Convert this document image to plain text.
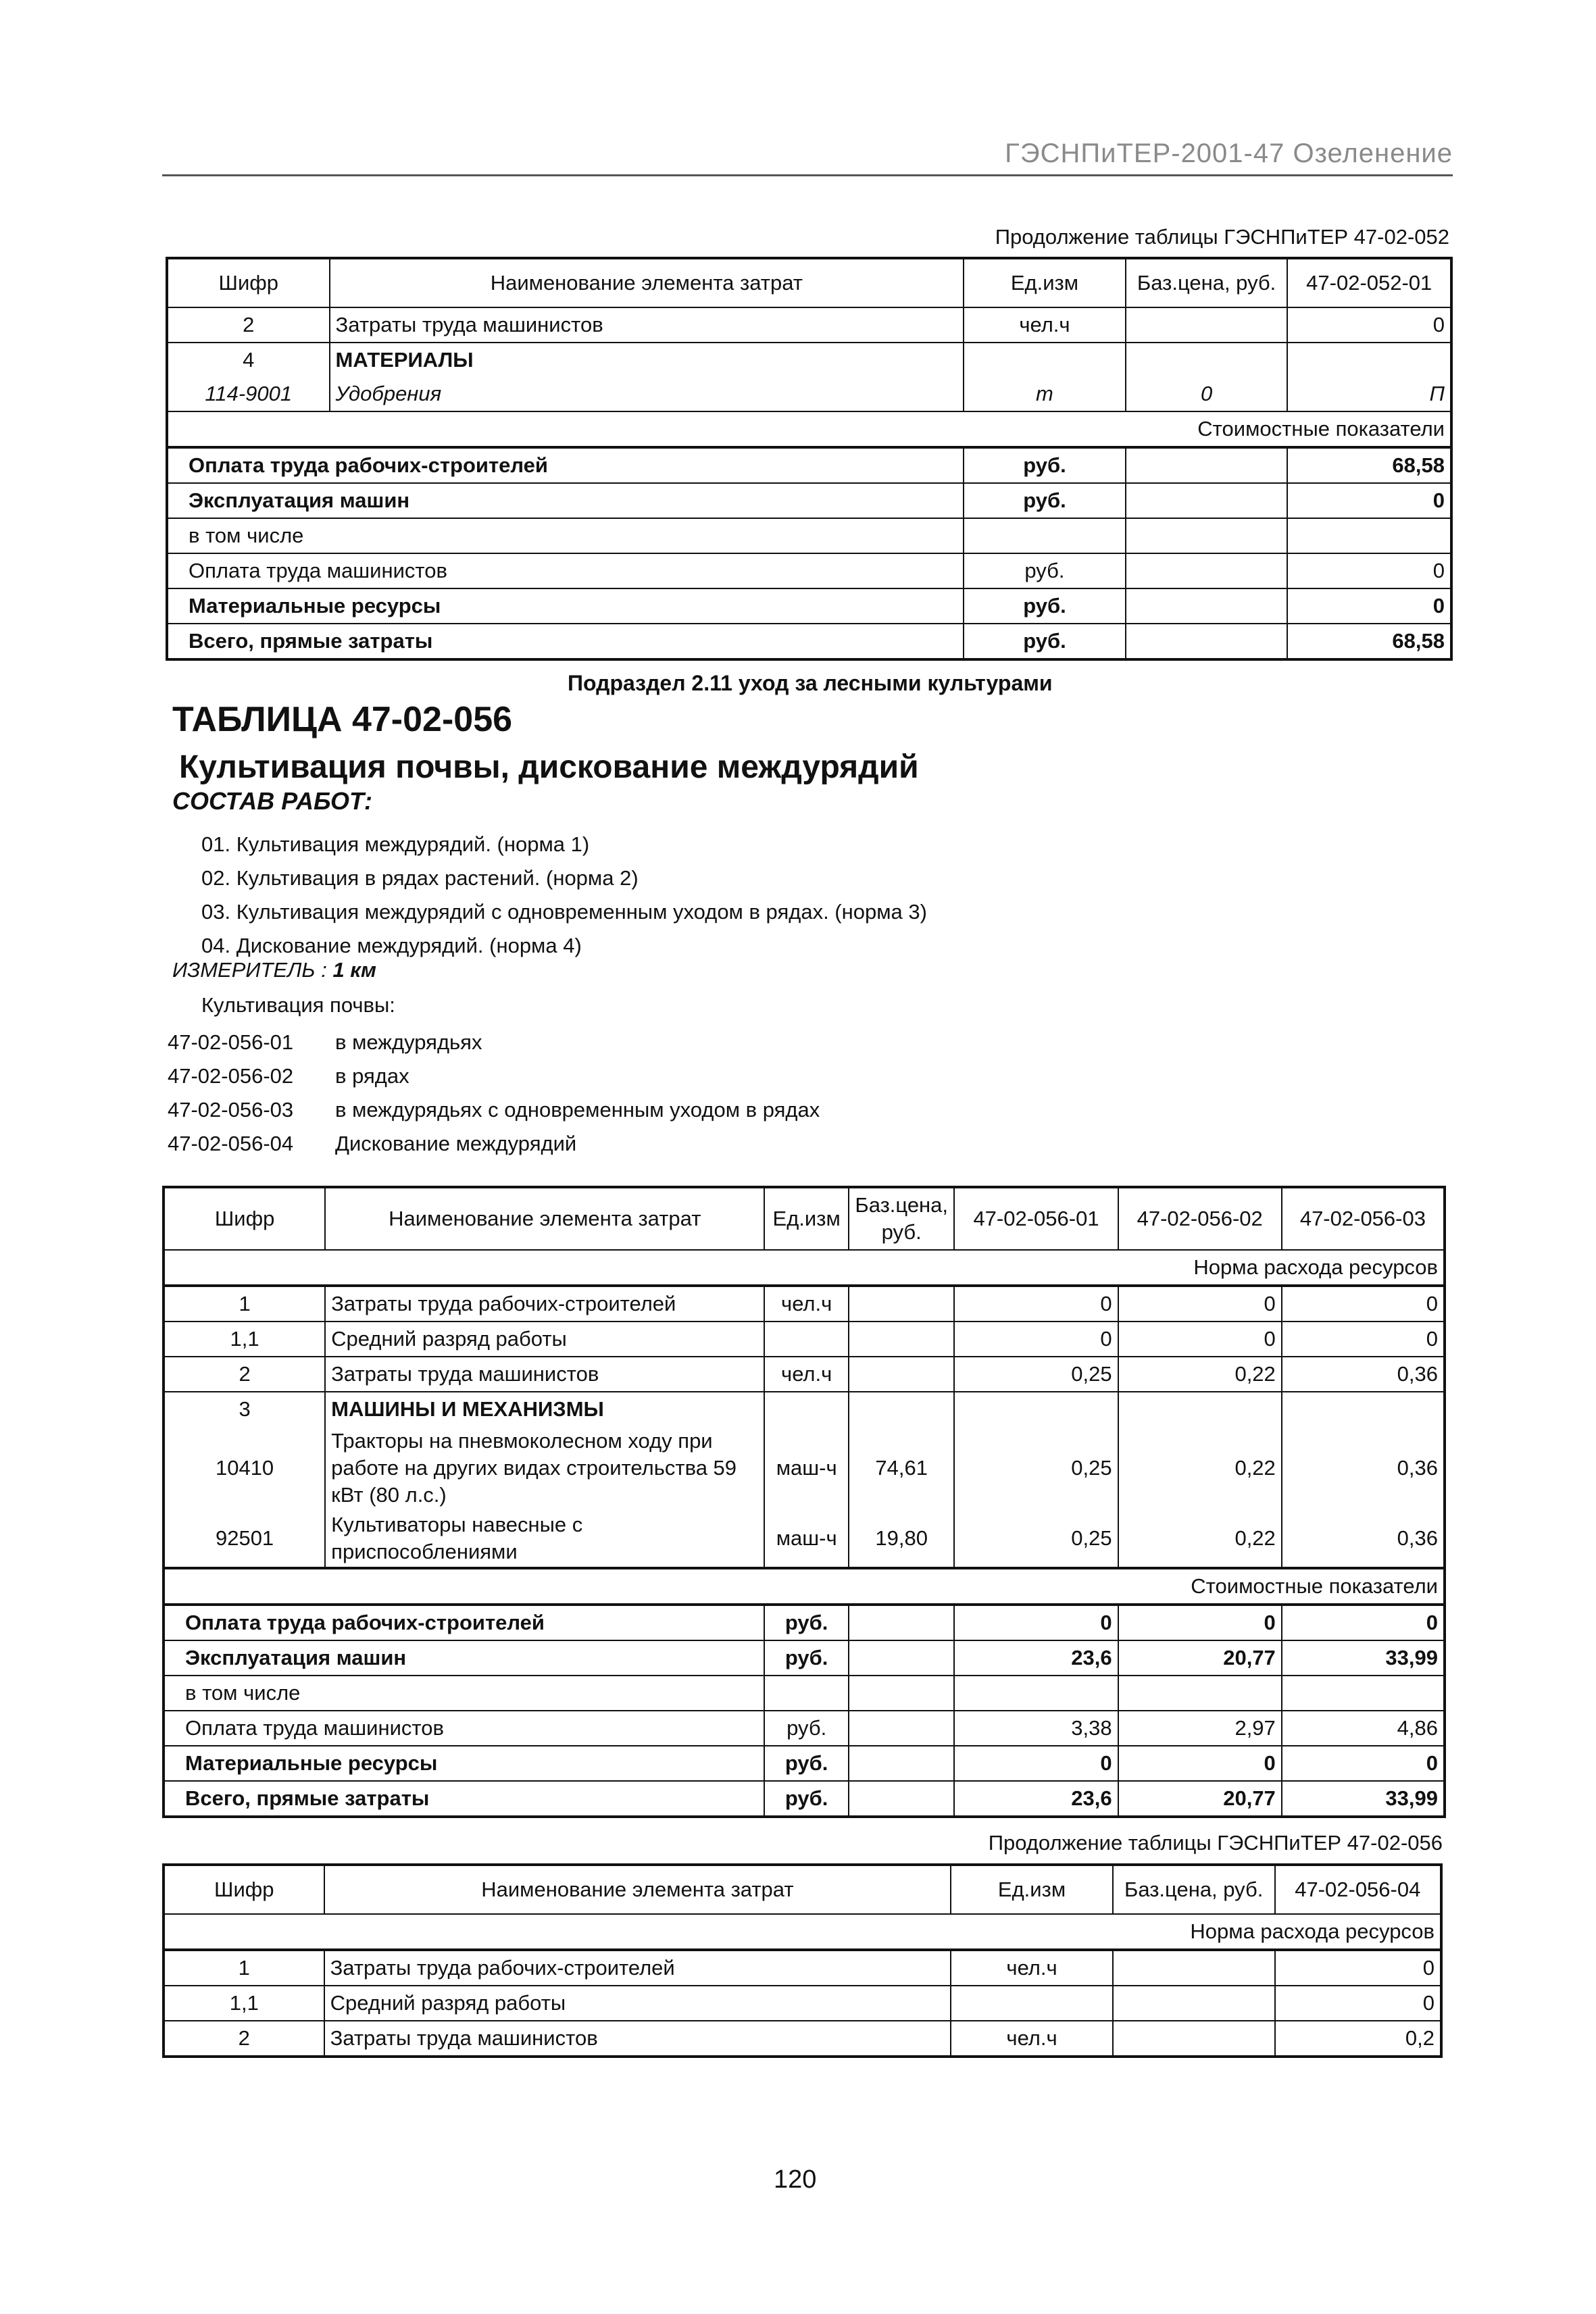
ГЭСНПиТЕР-2001-47 Озеленение
Продолжение таблицы ГЭСНПиТЕР 47-02-052
Шифр	Наименование элемента затрат	Ед.изм	Баз.цена, руб.	47-02-052-01
2	Затраты труда машинистов	чел.ч		0
4	МАТЕРИАЛЫ			
114-9001	Удобрения	т	0	П
Стоимостные показатели				
Оплата труда рабочих-строителей		руб.		68,58
Эксплуатация машин		руб.		0
в том числе				
Оплата труда машинистов		руб.		0
Материальные ресурсы		руб.		0
Всего, прямые затраты		руб.		68,58
Подраздел 2.11 уход за лесными культурами
ТАБЛИЦА 47-02-056
Культивация почвы, дискование междурядий
СОСТАВ РАБОТ:
01. Культивация междурядий. (норма 1)
02. Культивация в рядах растений. (норма 2)
03. Культивация междурядий с одновременным уходом в рядах. (норма 3)
04. Дискование междурядий. (норма 4)
ИЗМЕРИТЕЛЬ : 1 км
Культивация почвы:
47-02-056-01	в междурядьях
47-02-056-02	в рядах
47-02-056-03	в междурядьях с одновременным уходом в рядах
47-02-056-04	Дискование междурядий
Шифр	Наименование элемента затрат	Ед.изм	Баз.цена, руб.	47-02-056-01	47-02-056-02	47-02-056-03
Норма расхода ресурсов						
1	Затраты труда рабочих-строителей	чел.ч		0	0	0
1,1	Средний разряд работы			0	0	0
2	Затраты труда машинистов	чел.ч		0,25	0,22	0,36
3	МАШИНЫ И МЕХАНИЗМЫ					
10410	Тракторы на пневмоколесном ходу при работе на других видах строительства 59 кВт (80 л.с.)	маш-ч	74,61	0,25	0,22	0,36
92501	Культиваторы навесные с приспособлениями	маш-ч	19,80	0,25	0,22	0,36
Стоимостные показатели						
Оплата труда рабочих-строителей		руб.		0	0	0
Эксплуатация машин		руб.		23,6	20,77	33,99
в том числе						
Оплата труда машинистов		руб.		3,38	2,97	4,86
Материальные ресурсы		руб.		0	0	0
Всего, прямые затраты		руб.		23,6	20,77	33,99
Продолжение таблицы ГЭСНПиТЕР 47-02-056
Шифр	Наименование элемента затрат	Ед.изм	Баз.цена, руб.	47-02-056-04
Норма расхода ресурсов				
1	Затраты труда рабочих-строителей	чел.ч		0
1,1	Средний разряд работы			0
2	Затраты труда машинистов	чел.ч		0,2
120
